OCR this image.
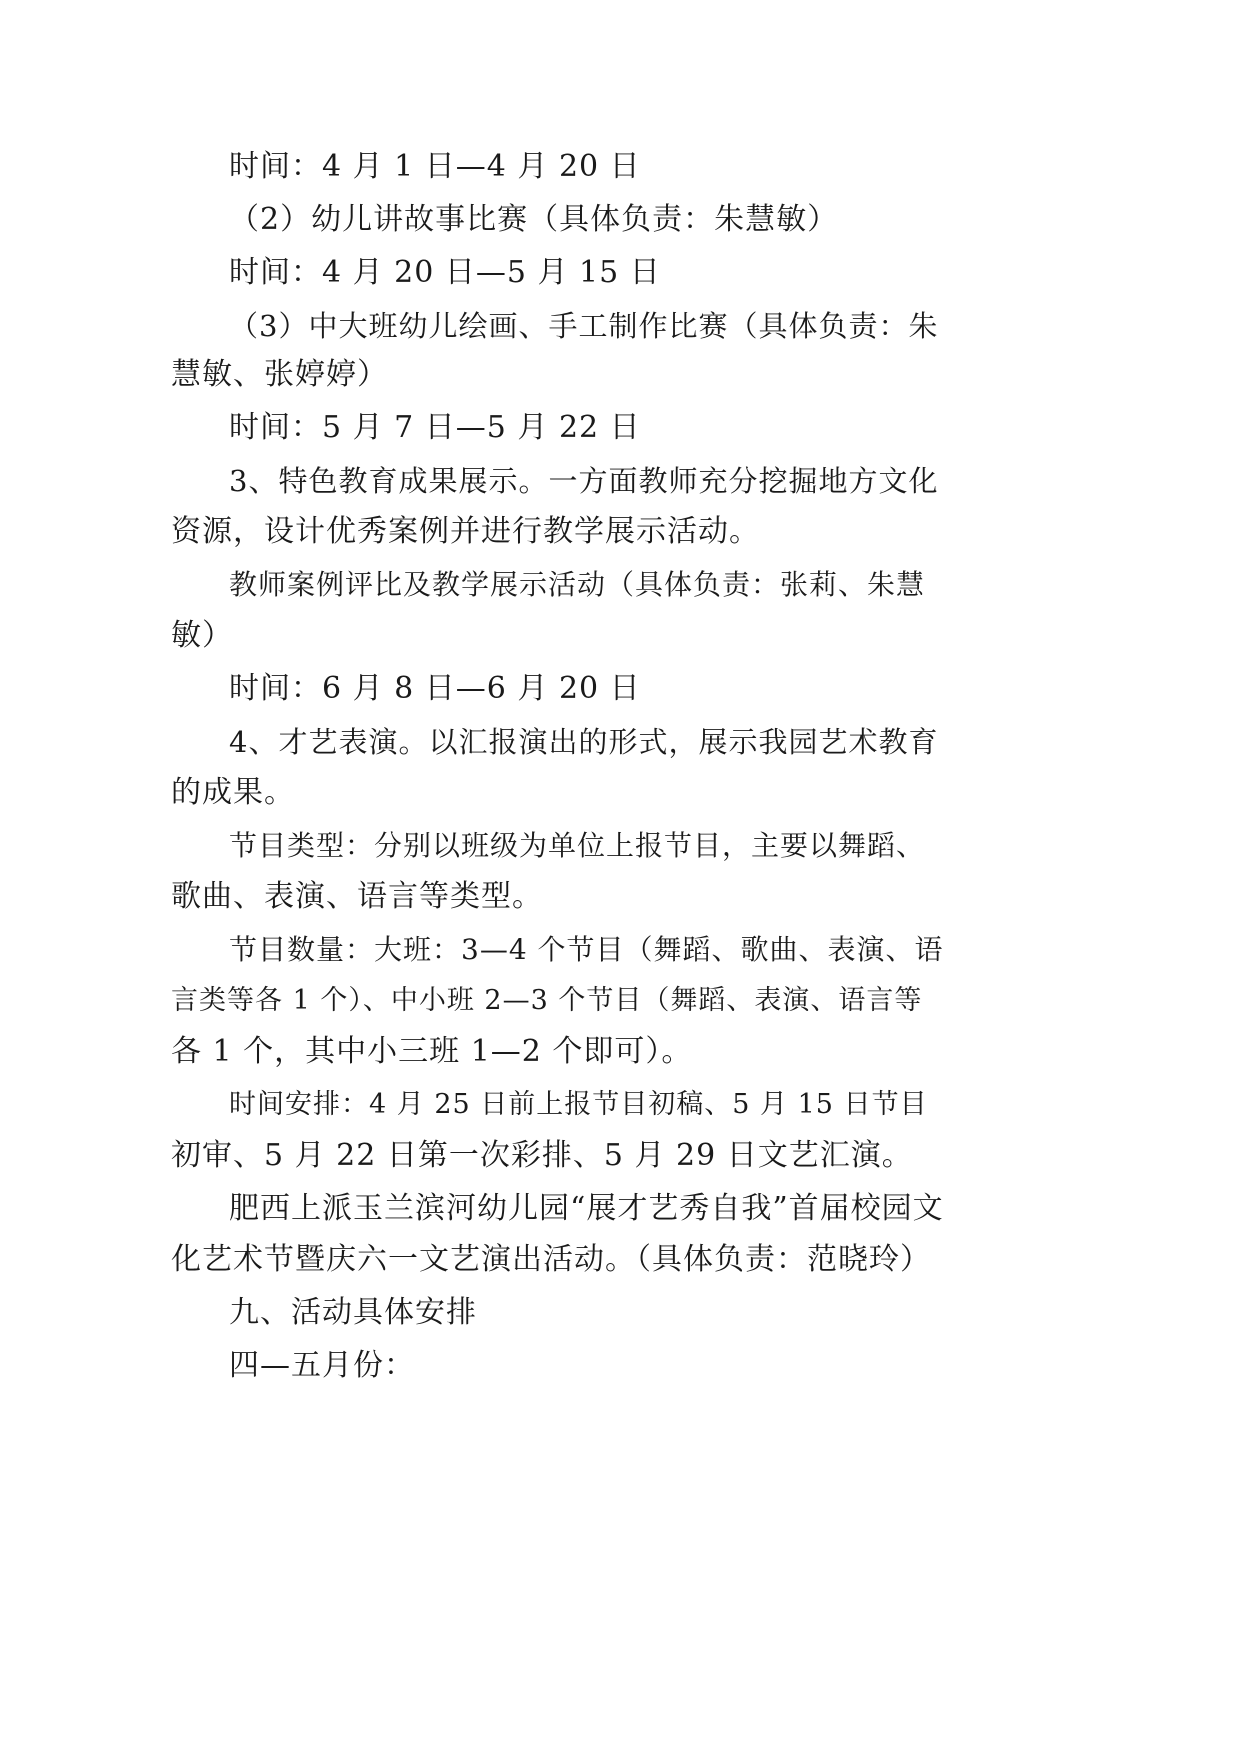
时间：4 月 1 日—4 月 20 日
（2）幼儿讲故事比赛（具体负责：朱慧敏）
时间：4 月 20 日—5 月 15 日
（3）中大班幼儿绘画、手工制作比赛（具体负责：朱
慧敏、张婷婷）
时间：5 月 7 日—5 月 22 日
3、特色教育成果展示。一方面教师充分挖掘地方文化
资源，设计优秀案例并进行教学展示活动。
教师案例评比及教学展示活动（具体负责：张莉、朱慧
敏）
时间：6 月 8 日—6 月 20 日
4、才艺表演。以汇报演出的形式，展示我园艺术教育
的成果。
节目类型：分别以班级为单位上报节目，主要以舞蹈、
歌曲、表演、语言等类型。
节目数量：大班：3—4 个节目（舞蹈、歌曲、表演、语
言类等各 1 个）、中小班 2—3 个节目（舞蹈、表演、语言等
各 1 个，其中小三班 1—2 个即可）。
时间安排：4 月 25 日前上报节目初稿、5 月 15 日节目
初审、5 月 22 日第一次彩排、5 月 29 日文艺汇演。
肥西上派玉兰滨河幼儿园“展才艺秀自我”首届校园文
化艺术节暨庆六一文艺演出活动。（具体负责：范晓玲）
九、活动具体安排
四—五月份：
